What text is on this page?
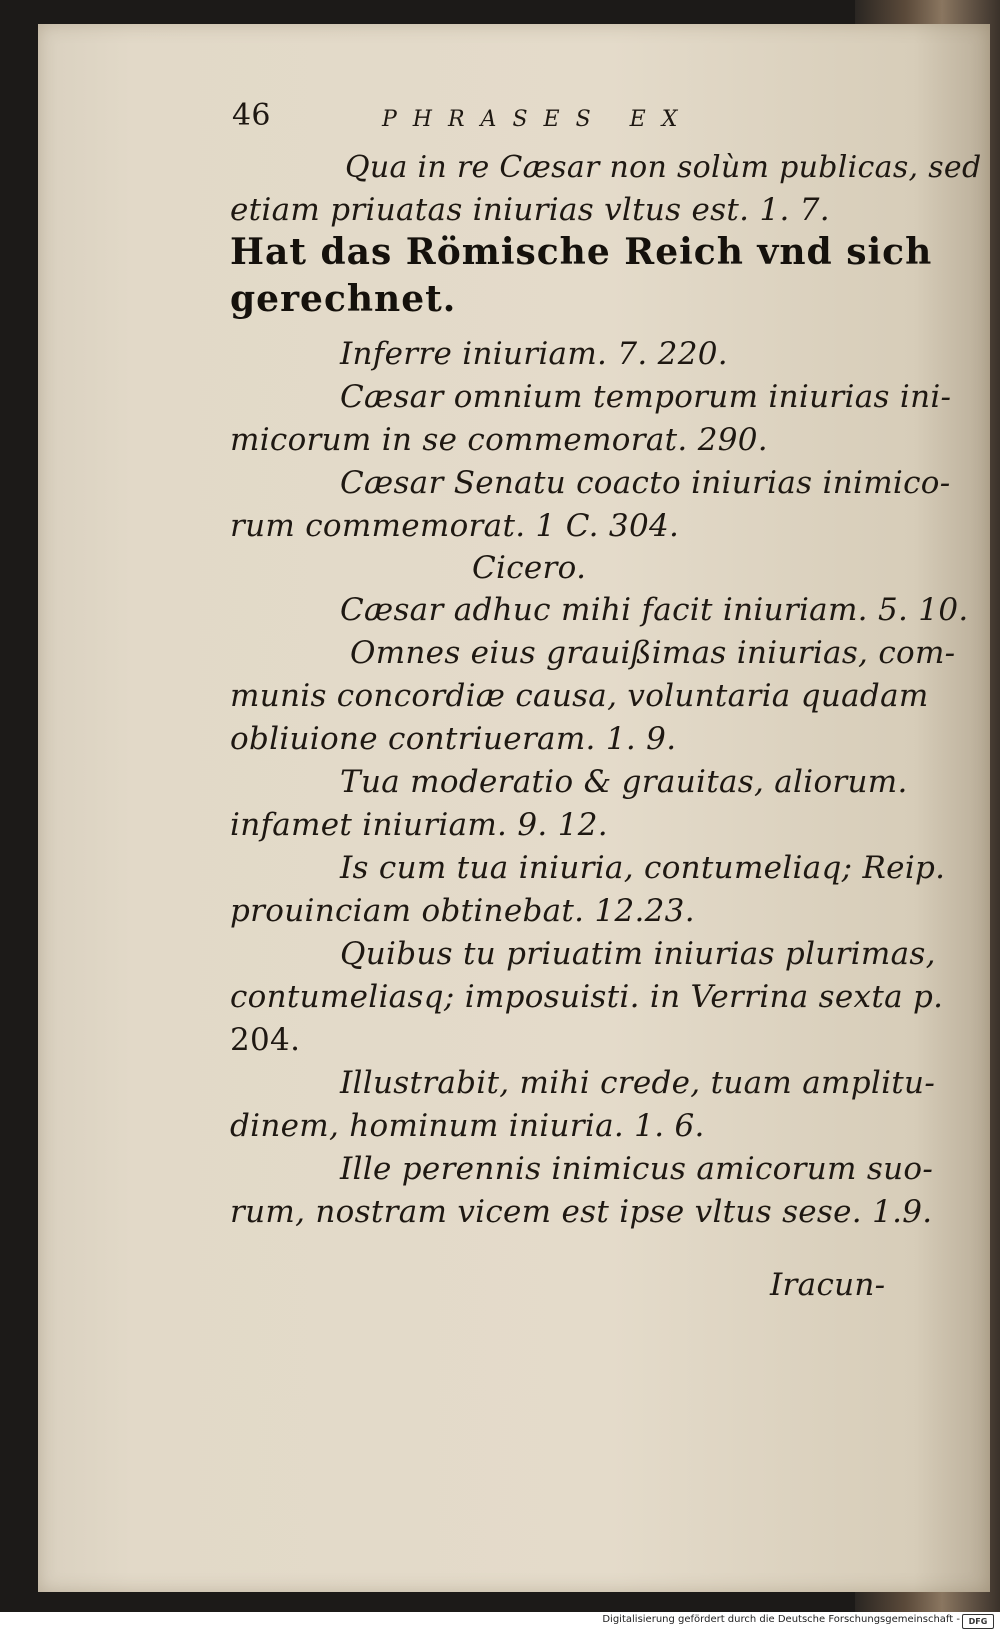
46	PHRASES EX
Qua in re Cæsar non solùm publicas, sed
etiam priuatas iniurias vltus est. 1. 7.
Hat das Römische Reich vnd sich
gerechnet.
Inferre iniuriam. 7. 220.
Cæsar omnium temporum iniurias ini-
micorum in se commemorat. 290.
Cæsar Senatu coacto iniurias inimico-
rum commemorat. 1 C. 304.
Cicero.
Cæsar adhuc mihi facit iniuriam. 5. 10.
Omnes eius grauißimas iniurias, com-
munis concordiæ causa, voluntaria quadam
obliuione contriueram. 1. 9.
Tua moderatio & grauitas, aliorum.
infamet iniuriam. 9. 12.
Is cum tua iniuria, contumeliaq; Reip.
prouinciam obtinebat. 12.23.
Quibus tu priuatim iniurias plurimas,
contumeliasq; imposuisti. in Verrina sexta p.
204.
Illustrabit, mihi crede, tuam amplitu-
dinem, hominum iniuria. 1. 6.
Ille perennis inimicus amicorum suo-
rum, nostram vicem est ipse vltus sese. 1.9.
Iracun-
Digitalisierung gefördert durch die Deutsche Forschungsgemeinschaft -	DFG
